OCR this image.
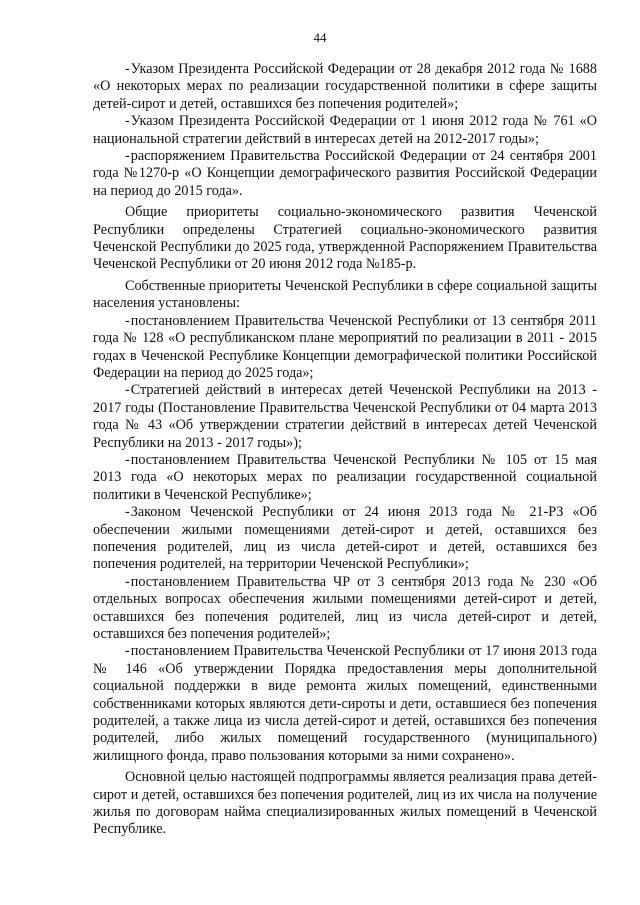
44

-Указом Президента Российской Федерации от 28 декабря 2012 года № 1688 «О некоторых мерах по реализации государственной политики в сфере защиты детей-сирот и детей, оставшихся без попечения родителей»;

-Указом Президента Российской Федерации от 1 июня 2012 года № 761 «О национальной стратегии действий в интересах детей на 2012-2017 годы»;

-распоряжением Правительства Российской Федерации от 24 сентября 2001 года №1270-р «О Концепции демографического развития Российской Федерации на период до 2015 года».

Общие приоритеты социально-экономического развития Чеченской Республики определены Стратегией социально-экономического развития Чеченской Республики до 2025 года, утвержденной Распоряжением Правительства Чеченской Республики от 20 июня 2012 года №185-р.

Собственные приоритеты Чеченской Республики в сфере социальной защиты населения установлены:

-постановлением Правительства Чеченской Республики от 13 сентября 2011 года № 128 «О республиканском плане мероприятий по реализации в 2011 - 2015 годах в Чеченской Республике Концепции демографической политики Российской Федерации на период до 2025 года»;

-Стратегией действий в интересах детей Чеченской Республики на 2013 - 2017 годы (Постановление Правительства Чеченской Республики от 04 марта 2013 года № 43 «Об утверждении стратегии действий в интересах детей Чеченской Республики на 2013 - 2017 годы»);

-постановлением Правительства Чеченской Республики № 105 от 15 мая 2013 года «О некоторых мерах по реализации государственной социальной политики в Чеченской Республике»;

-Законом Чеченской Республики от 24 июня 2013 года № 21-РЗ «Об обеспечении жилыми помещениями детей-сирот и детей, оставшихся без попечения родителей, лиц из числа детей-сирот и детей, оставшихся без попечения родителей, на территории Чеченской Республики»;

-постановлением Правительства ЧР от 3 сентября 2013 года № 230 «Об отдельных вопросах обеспечения жилыми помещениями детей-сирот и детей, оставшихся без попечения родителей, лиц из числа детей-сирот и детей, оставшихся без попечения родителей»;

-постановлением Правительства Чеченской Республики от 17 июня 2013 года № 146 «Об утверждении Порядка предоставления меры дополнительной социальной поддержки в виде ремонта жилых помещений, единственными собственниками которых являются дети-сироты и дети, оставшиеся без попечения родителей, а также лица из числа детей-сирот и детей, оставшихся без попечения родителей, либо жилых помещений государственного (муниципального) жилищного фонда, право пользования которыми за ними сохранено».

Основной целью настоящей подпрограммы является реализация права детей-сирот и детей, оставшихся без попечения родителей, лиц из их числа на получение жилья по договорам найма специализированных жилых помещений в Чеченской Республике.
